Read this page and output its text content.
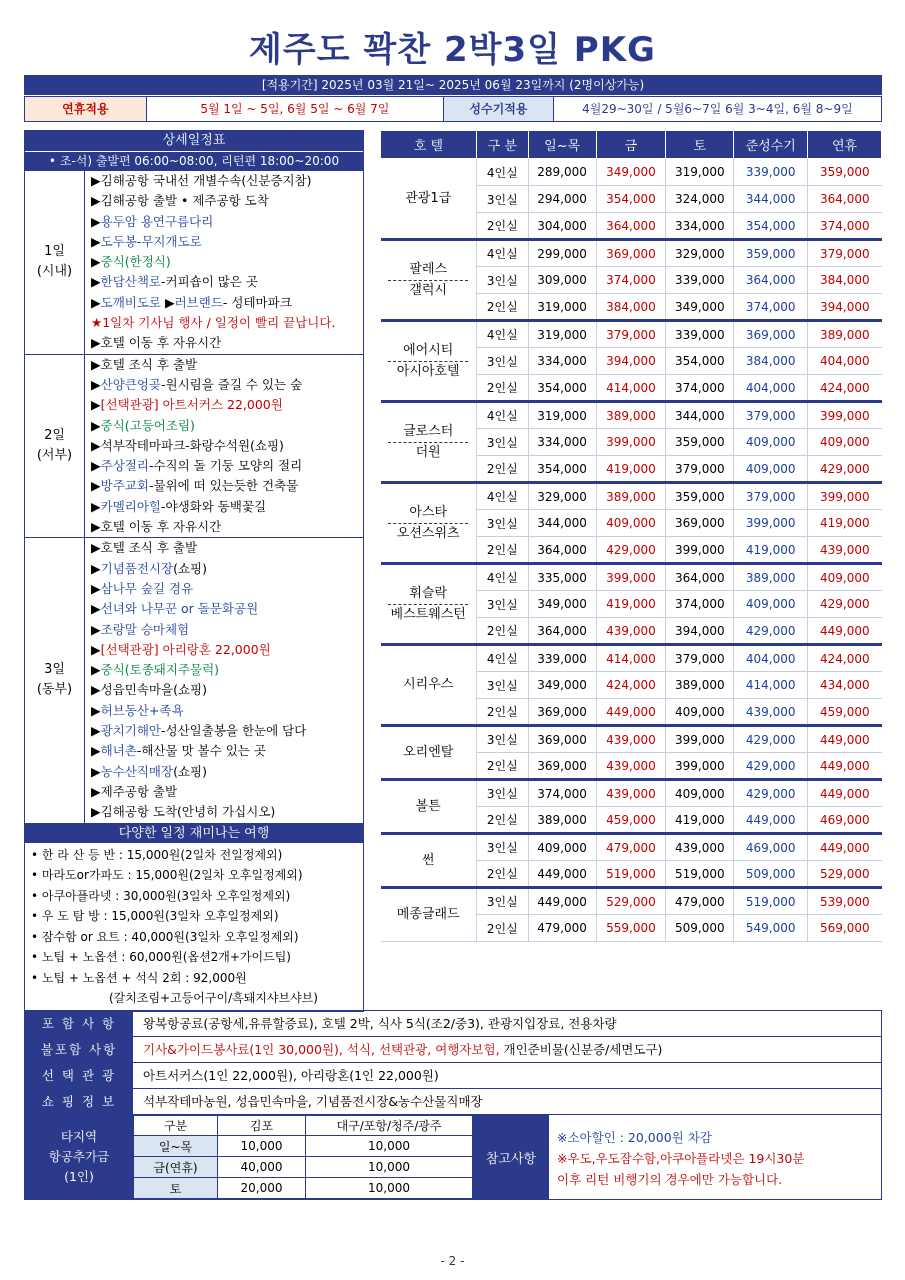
제주도 꽉찬 2박3일 PKG
[적용기간] 2025년 03월 21일~ 2025년 06월 23일까지 (2명이상가능)
연휴적용	5월 1일 ~ 5일, 6월 5일 ~ 6월 7일	성수기적용	4월29~30일 / 5월6~7일 6월 3~4일, 6월 8~9일
상세일정표
• 조-석) 출발편 06:00~08:00, 리턴편 18:00~20:00
1일
(시내)
▶김해공항 국내선 개별수속(신분증지참)
▶김해공항 출발 • 제주공항 도착
▶용두암 용연구름다리
▶도두봉-무지개도로
▶중식(한정식)
▶한담산책로-커피숍이 많은 곳
▶도깨비도로 ▶러브랜드- 성테마파크
★1일차 기사님 행사 / 일정이 빨리 끝납니다.
▶호텔 이동 후 자유시간
2일
(서부)
▶호텔 조식 후 출발
▶산양큰엉곶-원시림을 즐길 수 있는 숲
▶[선택관광] 아트서커스 22,000원
▶중식(고등어조림)
▶석부작테마파크-화랑수석원(쇼핑)
▶주상절리-수직의 돌 기둥 모양의 절리
▶방주교회-물위에 떠 있는듯한 건축물
▶카멜리아힐-야생화와 동백꽃길
▶호텔 이동 후 자유시간
3일
(동부)
▶호텔 조식 후 출발
▶기념품전시장(쇼핑)
▶삼나무 숲길 경유
▶선녀와 나무꾼 or 돌문화공원
▶조랑말 승마체험
▶[선택관광] 아리랑혼 22,000원
▶중식(토종돼지주물럭)
▶성읍민속마을(쇼핑)
▶허브동산+족욕
▶광치기해안-성산일출봉을 한눈에 담다
▶해녀촌-해산물 맛 볼수 있는 곳
▶농수산직매장(쇼핑)
▶제주공항 출발
▶김해공항 도착(안녕히 가십시오)
다양한 일정 재미나는 여행
• 한 라 산 등 반 : 15,000원(2일차 전일정제외)
• 마라도or가파도 : 15,000원(2일차 오후일정제외)
• 아쿠아플라넷 : 30,000원(3일차 오후일정제외)
• 우 도 탐 방 : 15,000원(3일차 오후일정제외)
• 잠수함 or 요트 : 40,000원(3일차 오후일정제외)
• 노팁 + 노옵션 : 60,000원(옵션2개+가이드팁)
• 노팁 + 노옵션 + 석식 2회 : 92,000원
(갈치조림+고등어구이/흑돼지샤브샤브)
호 텔	구 분	일~목	금	토	준성수기	연휴
관광1급	4인실	289,000	349,000	319,000	339,000	359,000
	3인실	294,000	354,000	324,000	344,000	364,000
	2인실	304,000	364,000	334,000	354,000	374,000
팔레스
갤럭시	4인실	299,000	369,000	329,000	359,000	379,000
	3인실	309,000	374,000	339,000	364,000	384,000
	2인실	319,000	384,000	349,000	374,000	394,000
에어시티
아시아호텔	4인실	319,000	379,000	339,000	369,000	389,000
	3인실	334,000	394,000	354,000	384,000	404,000
	2인실	354,000	414,000	374,000	404,000	424,000
글로스터
더원	4인실	319,000	389,000	344,000	379,000	399,000
	3인실	334,000	399,000	359,000	409,000	409,000
	2인실	354,000	419,000	379,000	409,000	429,000
아스타
오션스위츠	4인실	329,000	389,000	359,000	379,000	399,000
	3인실	344,000	409,000	369,000	399,000	419,000
	2인실	364,000	429,000	399,000	419,000	439,000
휘슬락
베스트웨스턴	4인실	335,000	399,000	364,000	389,000	409,000
	3인실	349,000	419,000	374,000	409,000	429,000
	2인실	364,000	439,000	394,000	429,000	449,000
시리우스	4인실	339,000	414,000	379,000	404,000	424,000
	3인실	349,000	424,000	389,000	414,000	434,000
	2인실	369,000	449,000	409,000	439,000	459,000
오리엔탈	3인실	369,000	439,000	399,000	429,000	449,000
	2인실	369,000	439,000	399,000	429,000	449,000
볼튼	3인실	374,000	439,000	409,000	429,000	449,000
	2인실	389,000	459,000	419,000	449,000	469,000
썬	3인실	409,000	479,000	439,000	469,000	449,000
	2인실	449,000	519,000	519,000	509,000	529,000
메종글래드	3인실	449,000	529,000	479,000	519,000	539,000
	2인실	479,000	559,000	509,000	549,000	569,000
포 함 사 항	왕복항공료(공항세,유류할증료), 호텔 2박, 식사 5식(조2/중3), 관광지입장료, 전용차량
불포함 사항	기사&가이드봉사료(1인 30,000원), 석식, 선택관광, 여행자보험, 개인준비물(신분증/세면도구)
선 택 관 광	아트서커스(1인 22,000원), 아리랑혼(1인 22,000원)
쇼 핑 정 보	석부작테마농원, 성읍민속마을, 기념품전시장&농수산물직매장
타지역
항공추가금
(1인)
구분	김포	대구/포항/청주/광주
일~목	10,000	10,000
금(연휴)	40,000	10,000
토	20,000	10,000
참고사항
※소아할인 : 20,000원 차감
※우도,우도잠수함,아쿠아플라넷은 19시30분
이후 리턴 비행기의 경우에만 가능합니다.
- 2 -
